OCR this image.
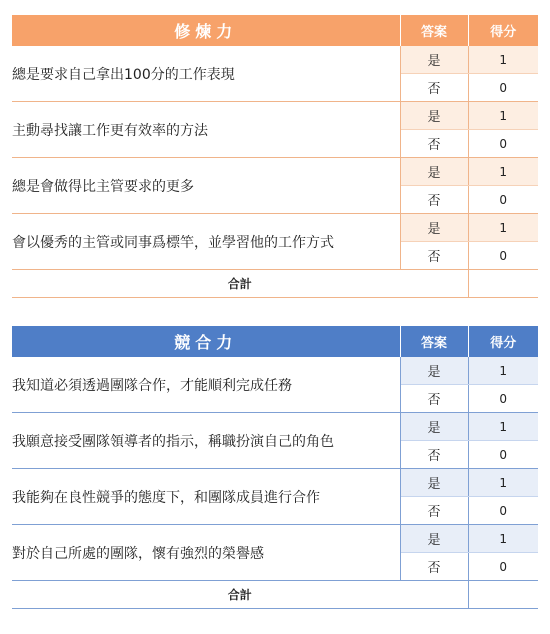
修煉力	答案	得分
總是要求自己拿出100分的工作表現	是	1
	否	0
主動尋找讓工作更有效率的方法	是	1
	否	0
總是會做得比主管要求的更多	是	1
	否	0
會以優秀的主管或同事爲標竿，並學習他的工作方式	是	1
	否	0
合計		
競合力	答案	得分
我知道必須透過團隊合作，才能順利完成任務	是	1
	否	0
我願意接受團隊領導者的指示，稱職扮演自己的角色	是	1
	否	0
我能夠在良性競爭的態度下，和團隊成員進行合作	是	1
	否	0
對於自己所處的團隊，懷有強烈的榮譽感	是	1
	否	0
合計		
